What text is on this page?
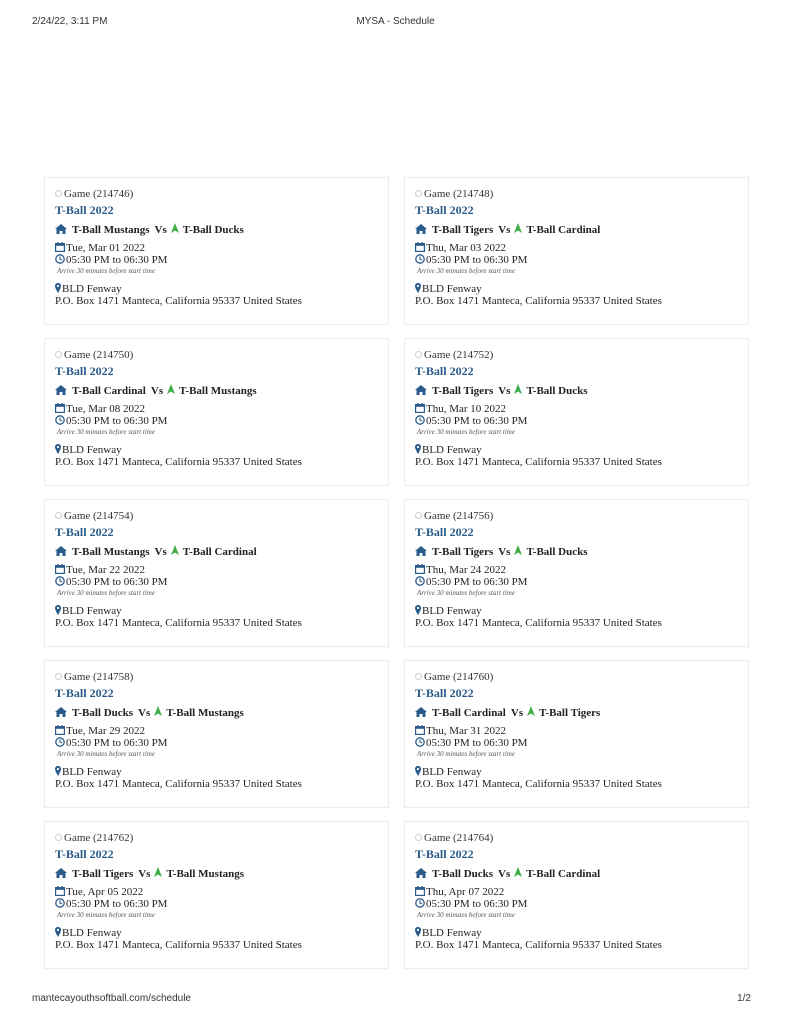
2/24/22, 3:11 PM	MYSA - Schedule
Game (214746)
T-Ball 2022
T-Ball Mustangs Vs T-Ball Ducks
Tue, Mar 01 2022
05:30 PM to 06:30 PM
Arrive 30 minutes before start time
BLD Fenway
P.O. Box 1471 Manteca, California 95337 United States
Game (214748)
T-Ball 2022
T-Ball Tigers Vs T-Ball Cardinal
Thu, Mar 03 2022
05:30 PM to 06:30 PM
Arrive 30 minutes before start time
BLD Fenway
P.O. Box 1471 Manteca, California 95337 United States
Game (214750)
T-Ball 2022
T-Ball Cardinal Vs T-Ball Mustangs
Tue, Mar 08 2022
05:30 PM to 06:30 PM
Arrive 30 minutes before start time
BLD Fenway
P.O. Box 1471 Manteca, California 95337 United States
Game (214752)
T-Ball 2022
T-Ball Tigers Vs T-Ball Ducks
Thu, Mar 10 2022
05:30 PM to 06:30 PM
Arrive 30 minutes before start time
BLD Fenway
P.O. Box 1471 Manteca, California 95337 United States
Game (214754)
T-Ball 2022
T-Ball Mustangs Vs T-Ball Cardinal
Tue, Mar 22 2022
05:30 PM to 06:30 PM
Arrive 30 minutes before start time
BLD Fenway
P.O. Box 1471 Manteca, California 95337 United States
Game (214756)
T-Ball 2022
T-Ball Tigers Vs T-Ball Ducks
Thu, Mar 24 2022
05:30 PM to 06:30 PM
Arrive 30 minutes before start time
BLD Fenway
P.O. Box 1471 Manteca, California 95337 United States
Game (214758)
T-Ball 2022
T-Ball Ducks Vs T-Ball Mustangs
Tue, Mar 29 2022
05:30 PM to 06:30 PM
Arrive 30 minutes before start time
BLD Fenway
P.O. Box 1471 Manteca, California 95337 United States
Game (214760)
T-Ball 2022
T-Ball Cardinal Vs T-Ball Tigers
Thu, Mar 31 2022
05:30 PM to 06:30 PM
Arrive 30 minutes before start time
BLD Fenway
P.O. Box 1471 Manteca, California 95337 United States
Game (214762)
T-Ball 2022
T-Ball Tigers Vs T-Ball Mustangs
Tue, Apr 05 2022
05:30 PM to 06:30 PM
Arrive 30 minutes before start time
BLD Fenway
P.O. Box 1471 Manteca, California 95337 United States
Game (214764)
T-Ball 2022
T-Ball Ducks Vs T-Ball Cardinal
Thu, Apr 07 2022
05:30 PM to 06:30 PM
Arrive 30 minutes before start time
BLD Fenway
P.O. Box 1471 Manteca, California 95337 United States
mantecayouthsoftball.com/schedule	1/2
